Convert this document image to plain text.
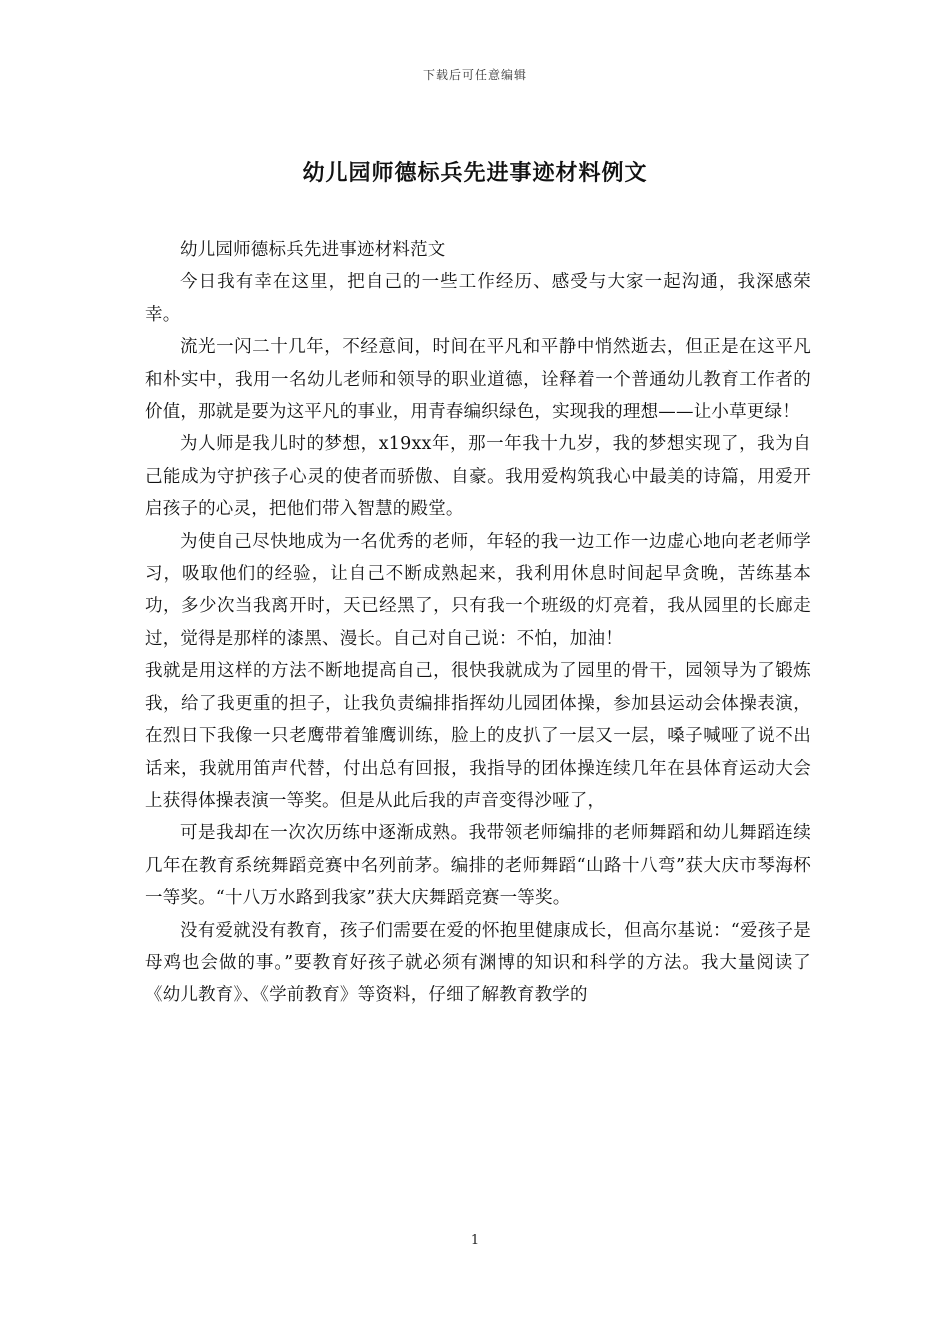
下载后可任意编辑
幼儿园师德标兵先进事迹材料例文

幼儿园师德标兵先进事迹材料范文

今日我有幸在这里，把自己的一些工作经历、感受与大家一起沟通，我深感荣幸。

流光一闪二十几年，不经意间，时间在平凡和平静中悄然逝去，但正是在这平凡和朴实中，我用一名幼儿老师和领导的职业道德，诠释着一个普通幼儿教育工作者的价值，那就是要为这平凡的事业，用青春编织绿色，实现我的理想——让小草更绿！

为人师是我儿时的梦想，x19xx年，那一年我十九岁，我的梦想实现了，我为自己能成为守护孩子心灵的使者而骄傲、自豪。我用爱构筑我心中最美的诗篇，用爱开启孩子的心灵，把他们带入智慧的殿堂。

为使自己尽快地成为一名优秀的老师，年轻的我一边工作一边虚心地向老老师学习，吸取他们的经验，让自己不断成熟起来，我利用休息时间起早贪晚，苦练基本功，多少次当我离开时，天已经黑了，只有我一个班级的灯亮着，我从园里的长廊走过，觉得是那样的漆黑、漫长。自己对自己说：不怕，加油！

我就是用这样的方法不断地提高自己，很快我就成为了园里的骨干，园领导为了锻炼我，给了我更重的担子，让我负责编排指挥幼儿园团体操，参加县运动会体操表演，在烈日下我像一只老鹰带着雏鹰训练，脸上的皮扒了一层又一层，嗓子喊哑了说不出话来，我就用笛声代替，付出总有回报，我指导的团体操连续几年在县体育运动大会上获得体操表演一等奖。但是从此后我的声音变得沙哑了，

可是我却在一次次历练中逐渐成熟。我带领老师编排的老师舞蹈和幼儿舞蹈连续几年在教育系统舞蹈竞赛中名列前茅。编排的老师舞蹈“山路十八弯”获大庆市琴海杯一等奖。“十八万水路到我家”获大庆舞蹈竞赛一等奖。

没有爱就没有教育，孩子们需要在爱的怀抱里健康成长，但高尔基说：“爱孩子是母鸡也会做的事。”要教育好孩子就必须有渊博的知识和科学的方法。我大量阅读了《幼儿教育》、《学前教育》等资料，仔细了解教育教学的

1
